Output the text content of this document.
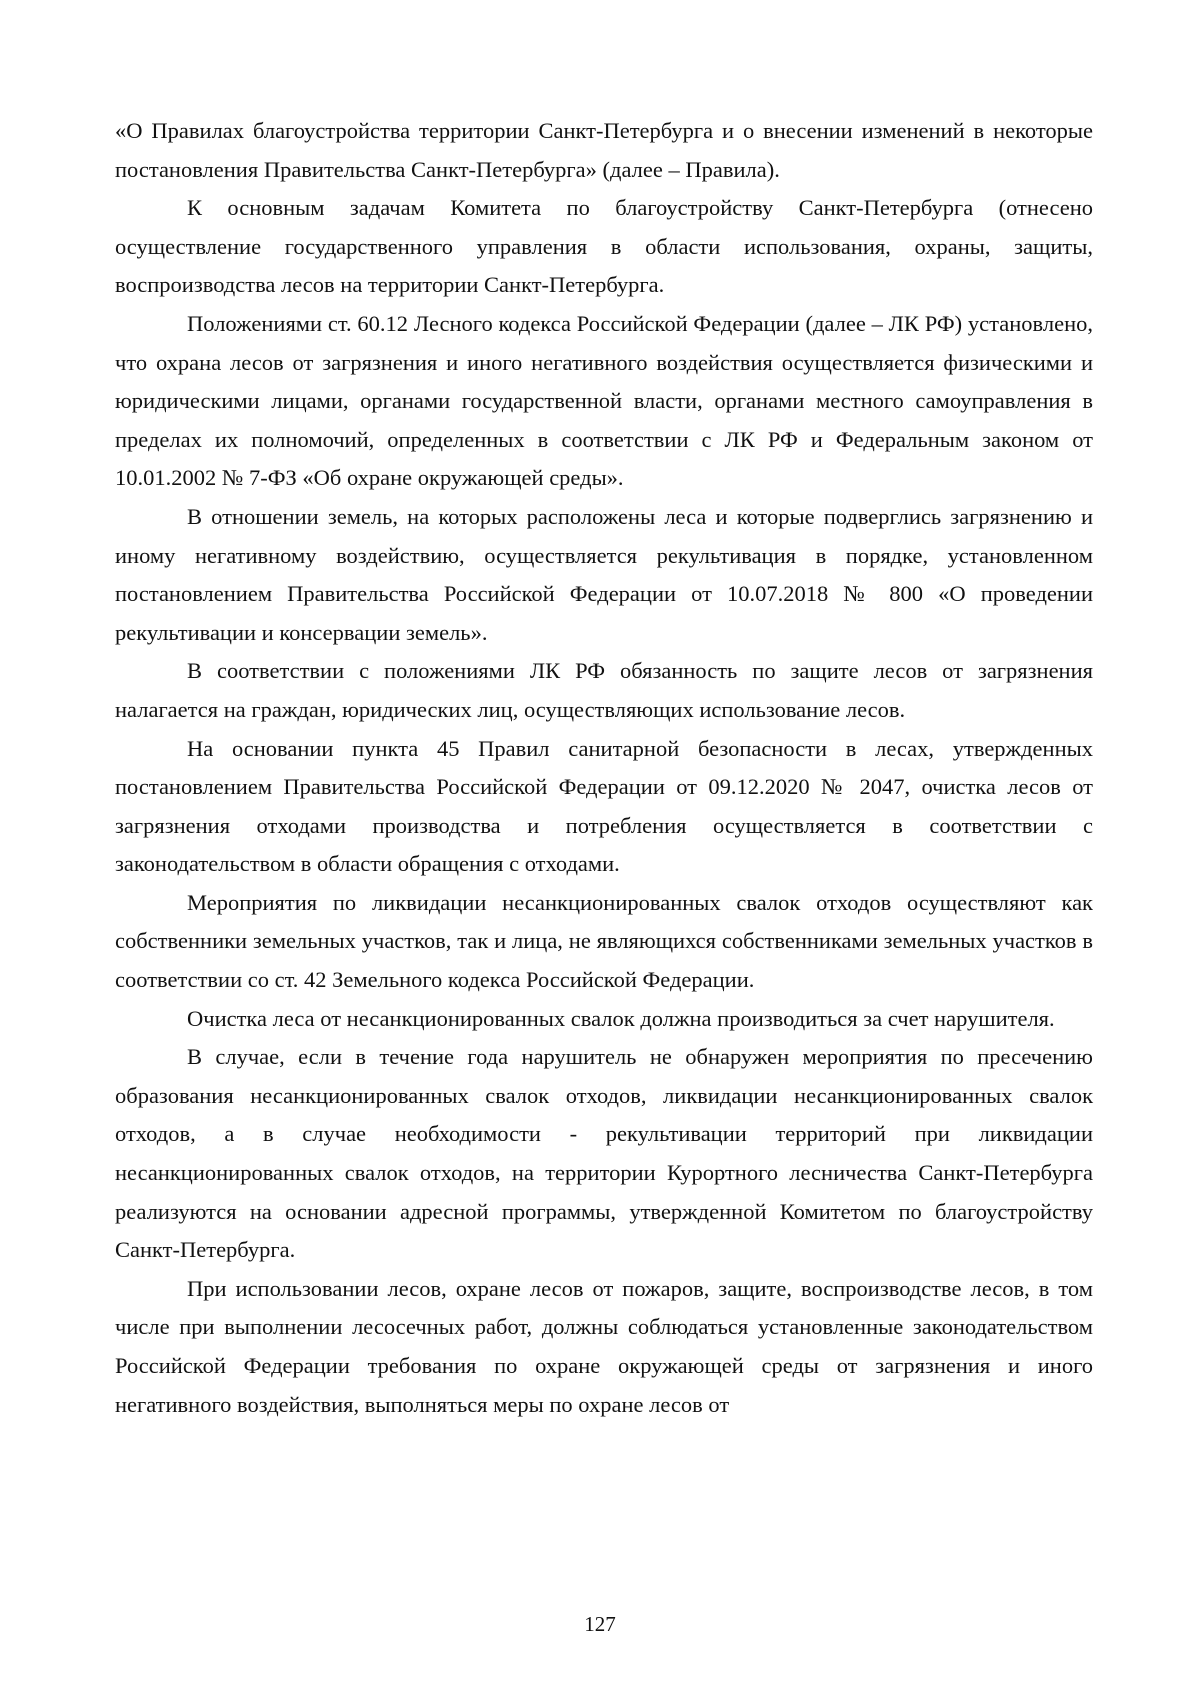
«О Правилах благоустройства территории Санкт-Петербурга и о внесении изменений в некоторые постановления Правительства Санкт-Петербурга» (далее – Правила).

К основным задачам Комитета по благоустройству Санкт-Петербурга (отнесено осуществление государственного управления в области использования, охраны, защиты, воспроизводства лесов на территории Санкт-Петербурга.

Положениями ст. 60.12 Лесного кодекса Российской Федерации (далее – ЛК РФ) установлено, что охрана лесов от загрязнения и иного негативного воздействия осуществляется физическими и юридическими лицами, органами государственной власти, органами местного самоуправления в пределах их полномочий, определенных в соответствии с ЛК РФ и Федеральным законом от 10.01.2002 № 7-ФЗ «Об охране окружающей среды».

В отношении земель, на которых расположены леса и которые подверглись загрязнению и иному негативному воздействию, осуществляется рекультивация в порядке, установленном постановлением Правительства Российской Федерации от 10.07.2018 № 800 «О проведении рекультивации и консервации земель».

В соответствии с положениями ЛК РФ обязанность по защите лесов от загрязнения налагается на граждан, юридических лиц, осуществляющих использование лесов.

На основании пункта 45 Правил санитарной безопасности в лесах, утвержденных постановлением Правительства Российской Федерации от 09.12.2020 № 2047, очистка лесов от загрязнения отходами производства и потребления осуществляется в соответствии с законодательством в области обращения с отходами.

Мероприятия по ликвидации несанкционированных свалок отходов осуществляют как собственники земельных участков, так и лица, не являющихся собственниками земельных участков в соответствии со ст. 42 Земельного кодекса Российской Федерации.

Очистка леса от несанкционированных свалок должна производиться за счет нарушителя.

В случае, если в течение года нарушитель не обнаружен мероприятия по пресечению образования несанкционированных свалок отходов, ликвидации несанкционированных свалок отходов, а в случае необходимости - рекультивации территорий при ликвидации несанкционированных свалок отходов, на территории Курортного лесничества Санкт-Петербурга реализуются на основании адресной программы, утвержденной Комитетом по благоустройству Санкт-Петербурга.

При использовании лесов, охране лесов от пожаров, защите, воспроизводстве лесов, в том числе при выполнении лесосечных работ, должны соблюдаться установленные законодательством Российской Федерации требования по охране окружающей среды от загрязнения и иного негативного воздействия, выполняться меры по охране лесов от

127
